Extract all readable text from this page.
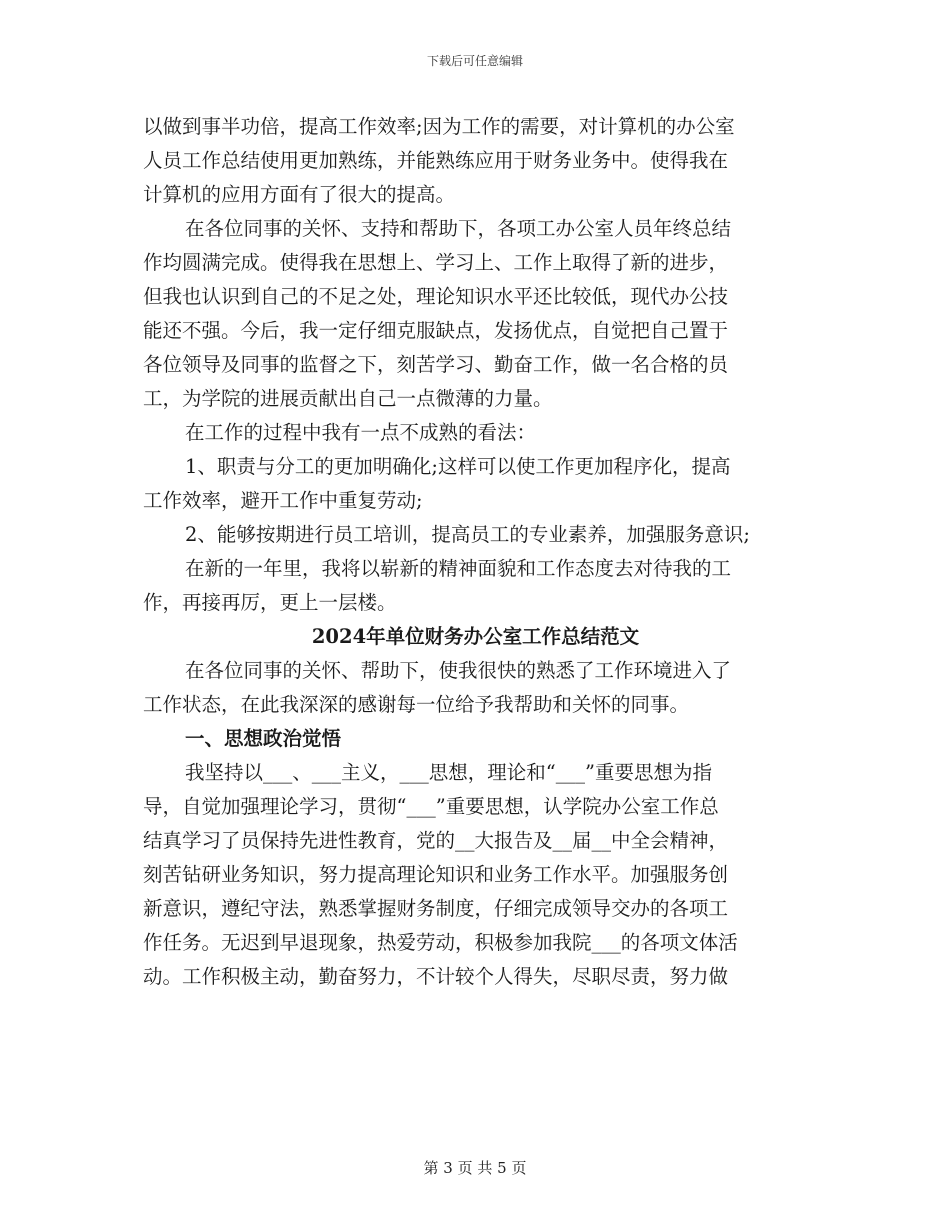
下载后可任意编辑
以做到事半功倍，提高工作效率;因为工作的需要，对计算机的办公室
人员工作总结使用更加熟练，并能熟练应用于财务业务中。使得我在
计算机的应用方面有了很大的提高。
在各位同事的关怀、支持和帮助下，各项工办公室人员年终总结
作均圆满完成。使得我在思想上、学习上、工作上取得了新的进步，
但我也认识到自己的不足之处，理论知识水平还比较低，现代办公技
能还不强。今后，我一定仔细克服缺点，发扬优点，自觉把自己置于
各位领导及同事的监督之下，刻苦学习、勤奋工作，做一名合格的员
工，为学院的进展贡献出自己一点微薄的力量。
在工作的过程中我有一点不成熟的看法：
1、职责与分工的更加明确化;这样可以使工作更加程序化，提高
工作效率，避开工作中重复劳动;
2、能够按期进行员工培训，提高员工的专业素养，加强服务意识;
在新的一年里，我将以崭新的精神面貌和工作态度去对待我的工
作，再接再厉，更上一层楼。
2024年单位财务办公室工作总结范文
在各位同事的关怀、帮助下，使我很快的熟悉了工作环境进入了
工作状态，在此我深深的感谢每一位给予我帮助和关怀的同事。
一、思想政治觉悟
我坚持以___、___主义，___思想，理论和“___”重要思想为指
导，自觉加强理论学习，贯彻“___”重要思想，认学院办公室工作总
结真学习了员保持先进性教育，党的__大报告及__届__中全会精神，
刻苦钻研业务知识，努力提高理论知识和业务工作水平。加强服务创
新意识，遵纪守法，熟悉掌握财务制度，仔细完成领导交办的各项工
作任务。无迟到早退现象，热爱劳动，积极参加我院___的各项文体活
动。工作积极主动，勤奋努力，不计较个人得失，尽职尽责，努力做
第 3 页 共 5 页
